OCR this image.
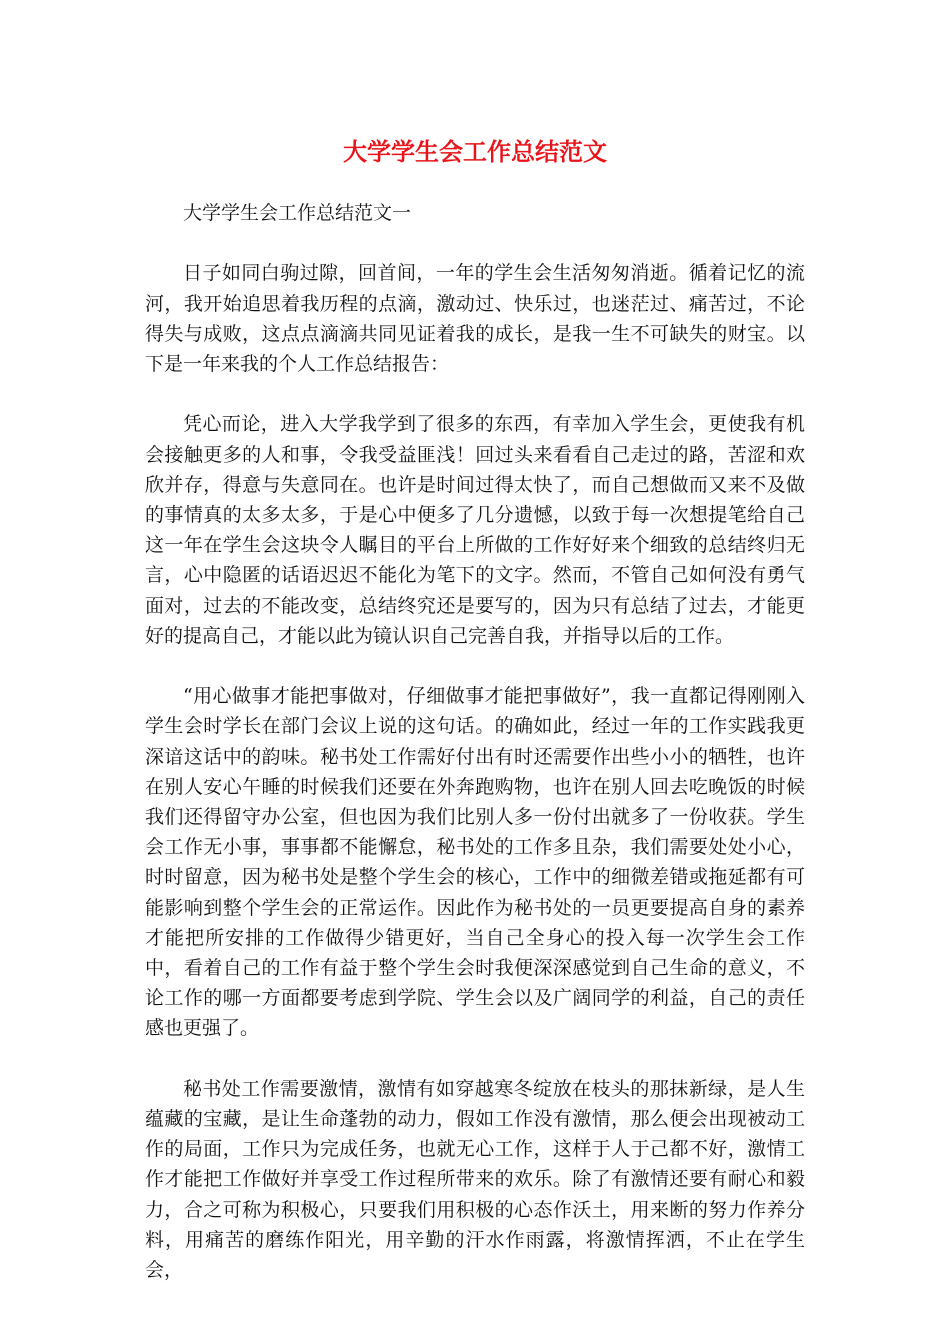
大学学生会工作总结范文

大学学生会工作总结范文一

日子如同白驹过隙，回首间，一年的学生会生活匆匆消逝。循着记忆的流河，我开始追思着我历程的点滴，激动过、快乐过，也迷茫过、痛苦过，不论得失与成败，这点点滴滴共同见证着我的成长，是我一生不可缺失的财宝。以下是一年来我的个人工作总结报告：

凭心而论，进入大学我学到了很多的东西，有幸加入学生会，更使我有机会接触更多的人和事，令我受益匪浅！回过头来看看自己走过的路，苦涩和欢欣并存，得意与失意同在。也许是时间过得太快了，而自己想做而又来不及做的事情真的太多太多，于是心中便多了几分遗憾，以致于每一次想提笔给自己这一年在学生会这块令人瞩目的平台上所做的工作好好来个细致的总结终归无言，心中隐匿的话语迟迟不能化为笔下的文字。然而，不管自己如何没有勇气面对，过去的不能改变，总结终究还是要写的，因为只有总结了过去，才能更好的提高自己，才能以此为镜认识自己完善自我，并指导以后的工作。

“用心做事才能把事做对，仔细做事才能把事做好”，我一直都记得刚刚入学生会时学长在部门会议上说的这句话。的确如此，经过一年的工作实践我更深谙这话中的韵味。秘书处工作需好付出有时还需要作出些小小的牺牲，也许在别人安心午睡的时候我们还要在外奔跑购物，也许在别人回去吃晚饭的时候我们还得留守办公室，但也因为我们比别人多一份付出就多了一份收获。学生会工作无小事，事事都不能懈怠，秘书处的工作多且杂，我们需要处处小心，时时留意，因为秘书处是整个学生会的核心，工作中的细微差错或拖延都有可能影响到整个学生会的正常运作。因此作为秘书处的一员更要提高自身的素养才能把所安排的工作做得少错更好，当自己全身心的投入每一次学生会工作中，看着自己的工作有益于整个学生会时我便深深感觉到自己生命的意义，不论工作的哪一方面都要考虑到学院、学生会以及广阔同学的利益，自己的责任感也更强了。

秘书处工作需要激情，激情有如穿越寒冬绽放在枝头的那抹新绿，是人生蕴藏的宝藏，是让生命蓬勃的动力，假如工作没有激情，那么便会出现被动工作的局面，工作只为完成任务，也就无心工作，这样于人于己都不好，激情工作才能把工作做好并享受工作过程所带来的欢乐。除了有激情还要有耐心和毅力，合之可称为积极心，只要我们用积极的心态作沃土，用来断的努力作养分料，用痛苦的磨练作阳光，用辛勤的汗水作雨露，将激情挥洒，不止在学生会，
